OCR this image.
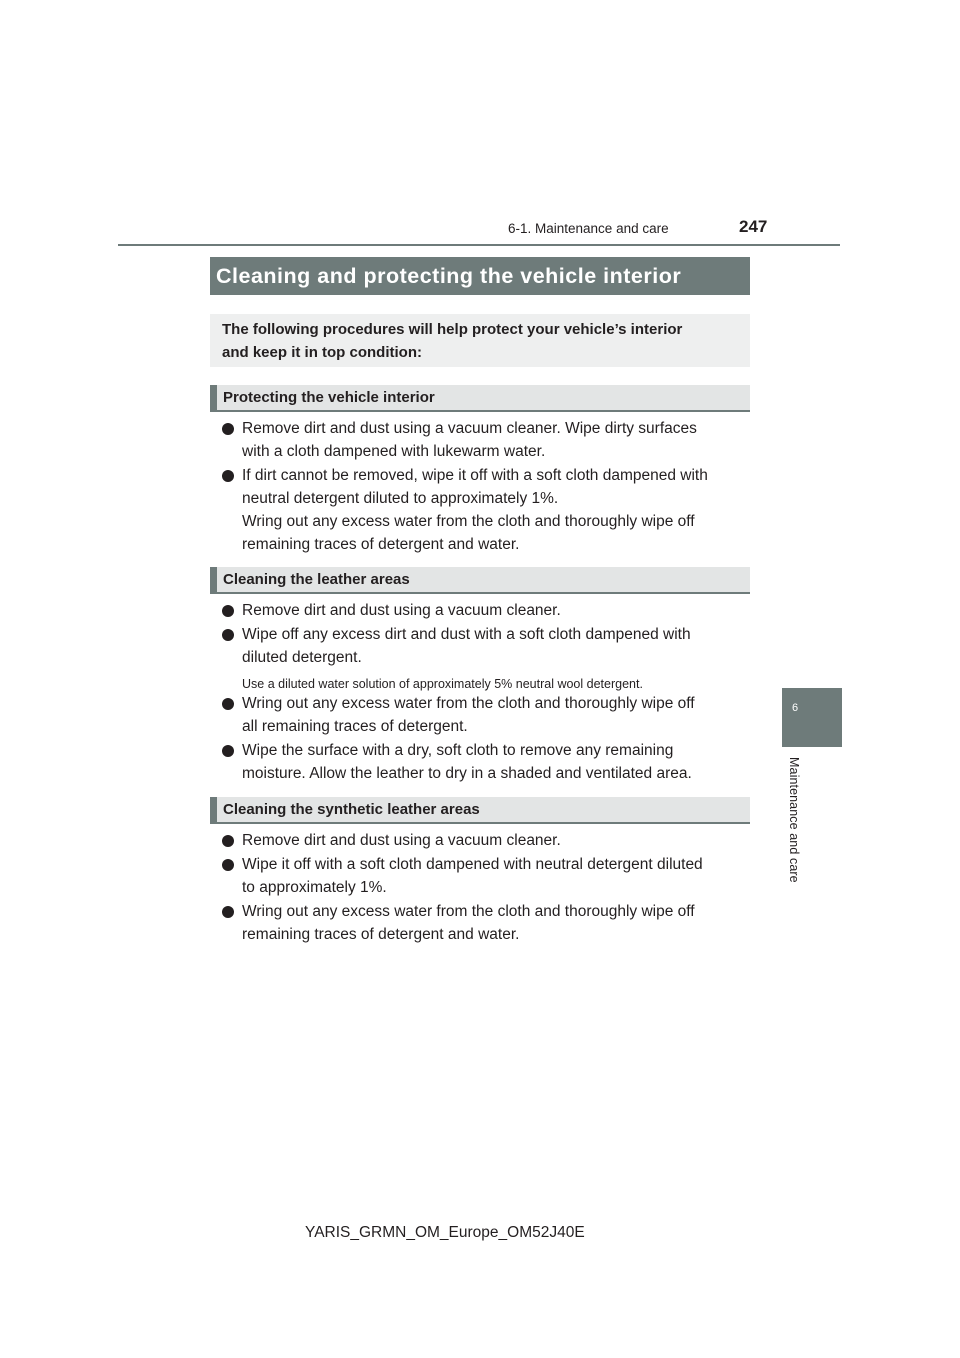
6-1. Maintenance and care	247
6
Maintenance and care
Cleaning and protecting the vehicle interior
The following procedures will help protect your vehicle’s interior
and keep it in top condition:
Protecting the vehicle interior
Remove dirt and dust using a vacuum cleaner. Wipe dirty surfaces
with a cloth dampened with lukewarm water.
If dirt cannot be removed, wipe it off with a soft cloth dampened with
neutral detergent diluted to approximately 1%.
Wring out any excess water from the cloth and thoroughly wipe off
remaining traces of detergent and water.
Cleaning the leather areas
Remove dirt and dust using a vacuum cleaner.
Wipe off any excess dirt and dust with a soft cloth dampened with
diluted detergent.
Use a diluted water solution of approximately 5% neutral wool detergent.
Wring out any excess water from the cloth and thoroughly wipe off
all remaining traces of detergent.
Wipe the surface with a dry, soft cloth to remove any remaining
moisture. Allow the leather to dry in a shaded and ventilated area.
Cleaning the synthetic leather areas
Remove dirt and dust using a vacuum cleaner.
Wipe it off with a soft cloth dampened with neutral detergent diluted
to approximately 1%.
Wring out any excess water from the cloth and thoroughly wipe off
remaining traces of detergent and water.
YARIS_GRMN_OM_Europe_OM52J40E
